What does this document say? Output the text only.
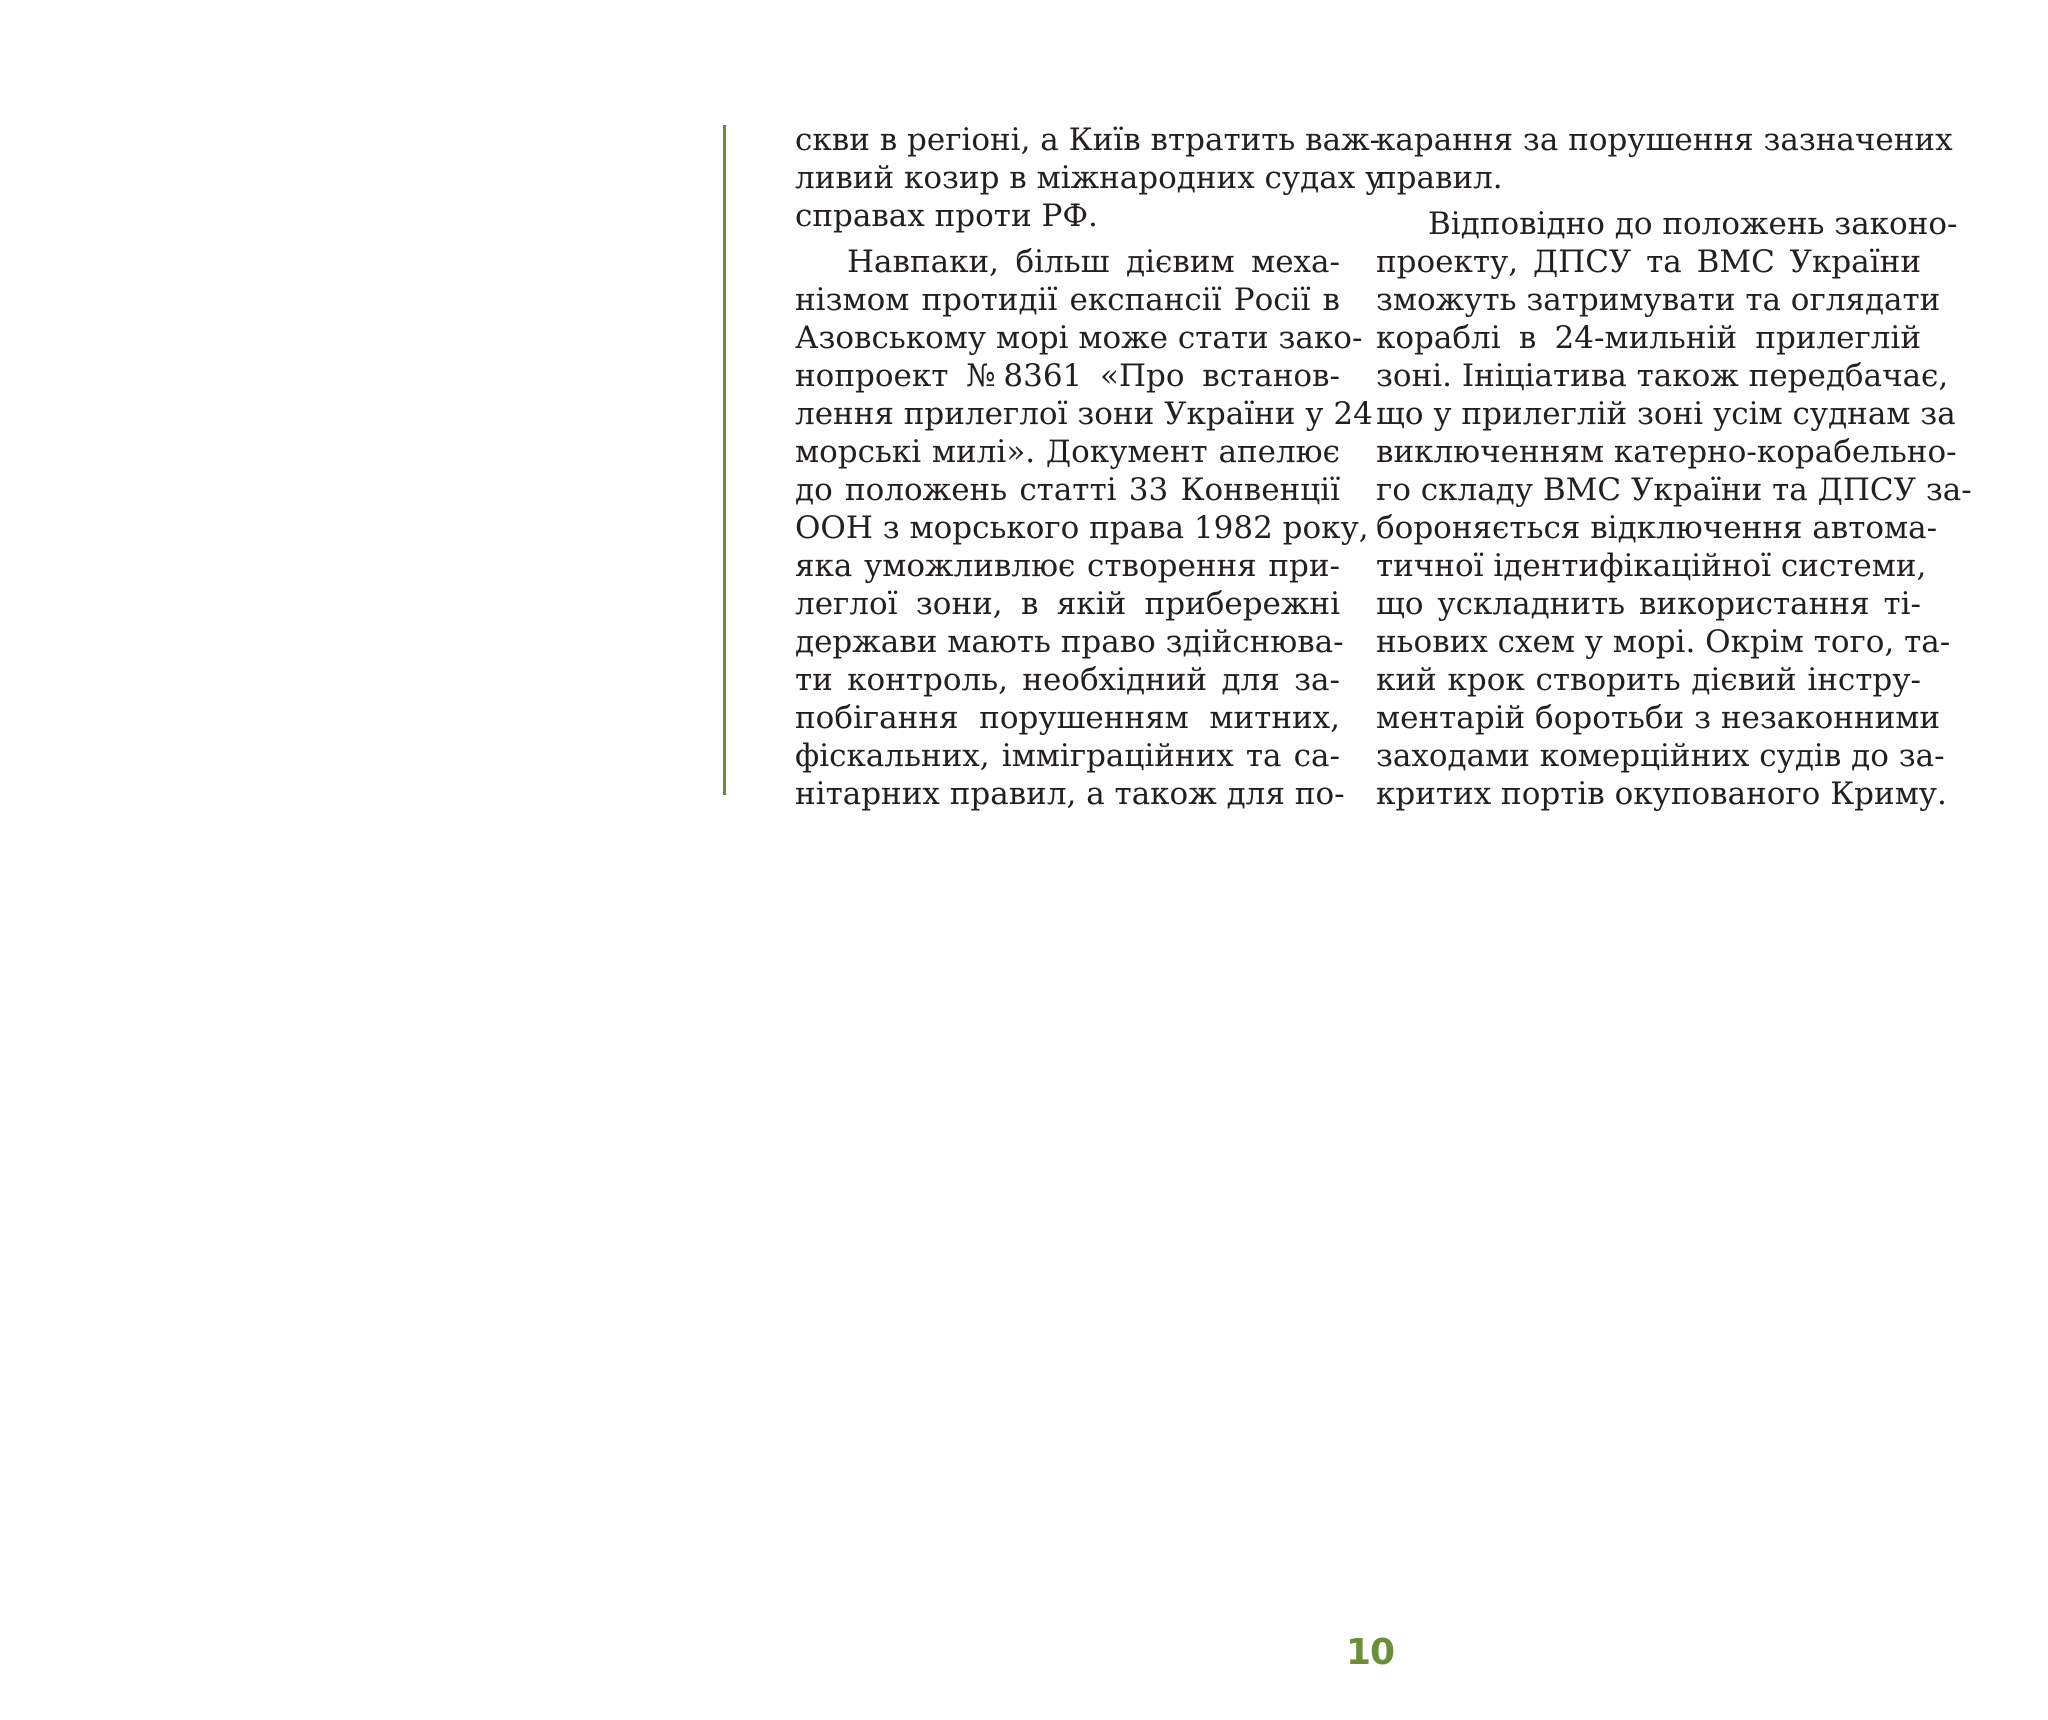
скви в регіоні, а Київ втратить важ-
ливий козир в міжнародних судах у
справах проти РФ.
Навпаки, більш дієвим меха-
нізмом протидії експансії Росії в
Азовському морі може стати зако-
нопроект №8361 «Про встанов-
лення прилеглої зони України у 24
морські милі». Документ апелює
до положень статті 33 Конвенції
ООН з морського права 1982 року,
яка уможливлює створення при-
леглої зони, в якій прибережні
держави мають право здійснюва-
ти контроль, необхідний для за-
побігання порушенням митних,
фіскальних, імміграційних та са-
нітарних правил, а також для по-
карання за порушення зазначених
правил.
Відповідно до положень законо-
проекту, ДПСУ та ВМС України
зможуть затримувати та оглядати
кораблі в 24-мильній прилеглій
зоні. Ініціатива також передбачає,
що у прилеглій зоні усім суднам за
виключенням катерно-корабельно-
го складу ВМС України та ДПСУ за-
бороняється відключення автома-
тичної ідентифікаційної системи,
що ускладнить використання ті-
ньових схем у морі. Окрім того, та-
кий крок створить дієвий інстру-
ментарій боротьби з незаконними
заходами комерційних судів до за-
критих портів окупованого Криму.
10
